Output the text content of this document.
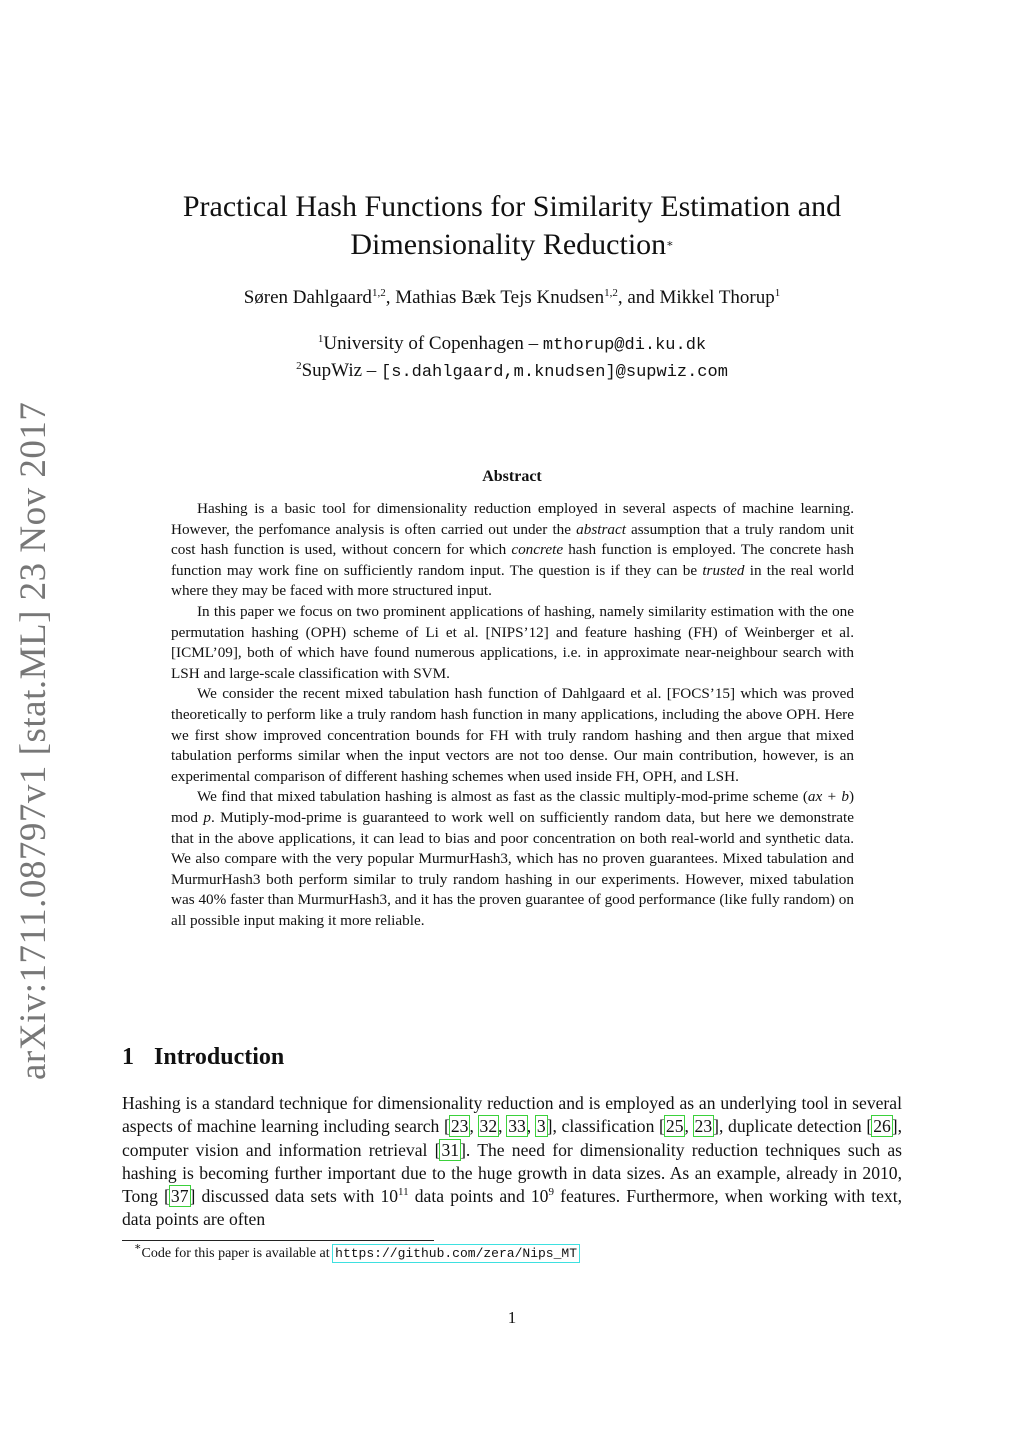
arXiv:1711.08797v1 [stat.ML] 23 Nov 2017
Practical Hash Functions for Similarity Estimation and
Dimensionality Reduction∗
Søren Dahlgaard$^{1,2}$, Mathias Bæk Tejs Knudsen$^{1,2}$, and Mikkel Thorup$^1$
$^1$University of Copenhagen – mthorup@di.ku.dk
$^2$SupWiz – [s.dahlgaard,m.knudsen]@supwiz.com
Abstract

Hashing is a basic tool for dimensionality reduction employed in several aspects of machine learning. However, the perfomance analysis is often carried out under the abstract assumption that a truly random unit cost hash function is used, without concern for which concrete hash function is employed. The concrete hash function may work fine on sufficiently random input. The question is if they can be trusted in the real world where they may be faced with more structured input.

In this paper we focus on two prominent applications of hashing, namely similarity estimation with the one permutation hashing (OPH) scheme of Li et al. [NIPS’12] and feature hashing (FH) of Weinberger et al. [ICML’09], both of which have found numerous applications, i.e. in approximate near-neighbour search with LSH and large-scale classification with SVM.

We consider the recent mixed tabulation hash function of Dahlgaard et al. [FOCS’15] which was proved theoretically to perform like a truly random hash function in many applications, including the above OPH. Here we first show improved concentration bounds for FH with truly random hashing and then argue that mixed tabulation performs similar when the input vectors are not too dense. Our main contribution, however, is an experimental comparison of different hashing schemes when used inside FH, OPH, and LSH.

We find that mixed tabulation hashing is almost as fast as the classic multiply-mod-prime scheme (ax + b) mod p. Mutiply-mod-prime is guaranteed to work well on sufficiently random data, but here we demonstrate that in the above applications, it can lead to bias and poor concentration on both real-world and synthetic data. We also compare with the very popular MurmurHash3, which has no proven guarantees. Mixed tabulation and MurmurHash3 both perform similar to truly random hashing in our experiments. However, mixed tabulation was 40% faster than MurmurHash3, and it has the proven guarantee of good performance (like fully random) on all possible input making it more reliable.

1 Introduction
Hashing is a standard technique for dimensionality reduction and is employed as an underlying tool in several aspects of machine learning including search [23, 32, 33, 3], classification [25, 23], duplicate detection [26], computer vision and information retrieval [31]. The need for dimensionality reduction techniques such as hashing is becoming further important due to the huge growth in data sizes. As an example, already in 2010, Tong [37] discussed data sets with $10^{11}$ data points and $10^9$ features. Furthermore, when working with text, data points are often
∗Code for this paper is available at https://github.com/zera/Nips_MT
1
